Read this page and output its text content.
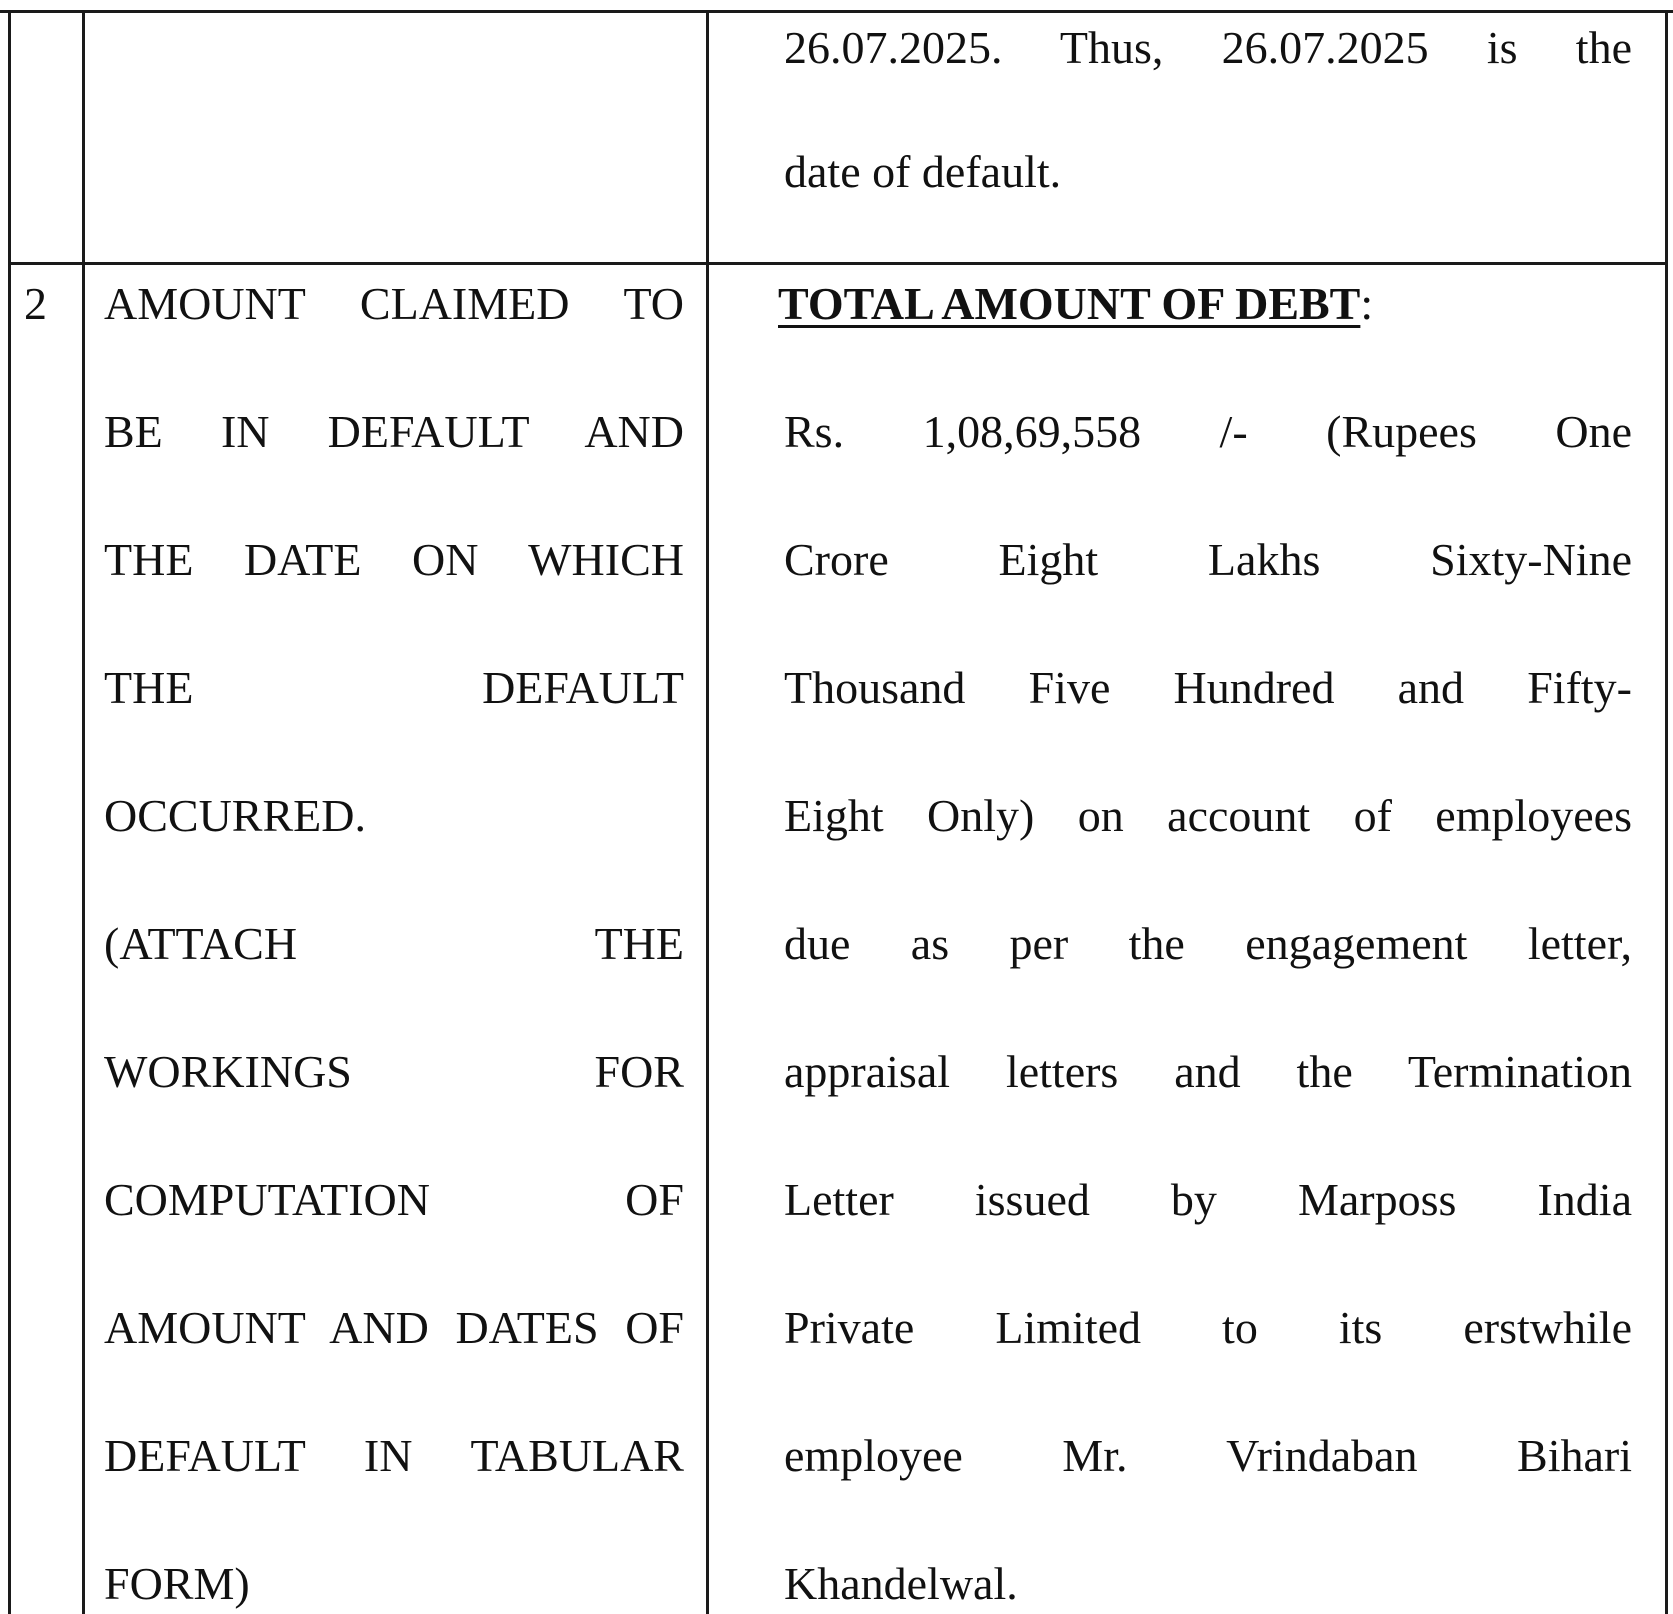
26.07.2025. Thus, 26.07.2025 is the
date of default.
2 AMOUNT CLAIMED TO
BE IN DEFAULT AND
THE DATE ON WHICH
THE DEFAULT
OCCURRED.
(ATTACH THE
WORKINGS FOR
COMPUTATION OF
AMOUNT AND DATES OF
DEFAULT IN TABULAR
FORM)
TOTAL AMOUNT OF DEBT:
Rs. 1,08,69,558 /- (Rupees One
Crore Eight Lakhs Sixty-Nine
Thousand Five Hundred and Fifty-
Eight Only) on account of employees
due as per the engagement letter,
appraisal letters and the Termination
Letter issued by Marposs India
Private Limited to its erstwhile
employee Mr. Vrindaban Bihari
Khandelwal.
